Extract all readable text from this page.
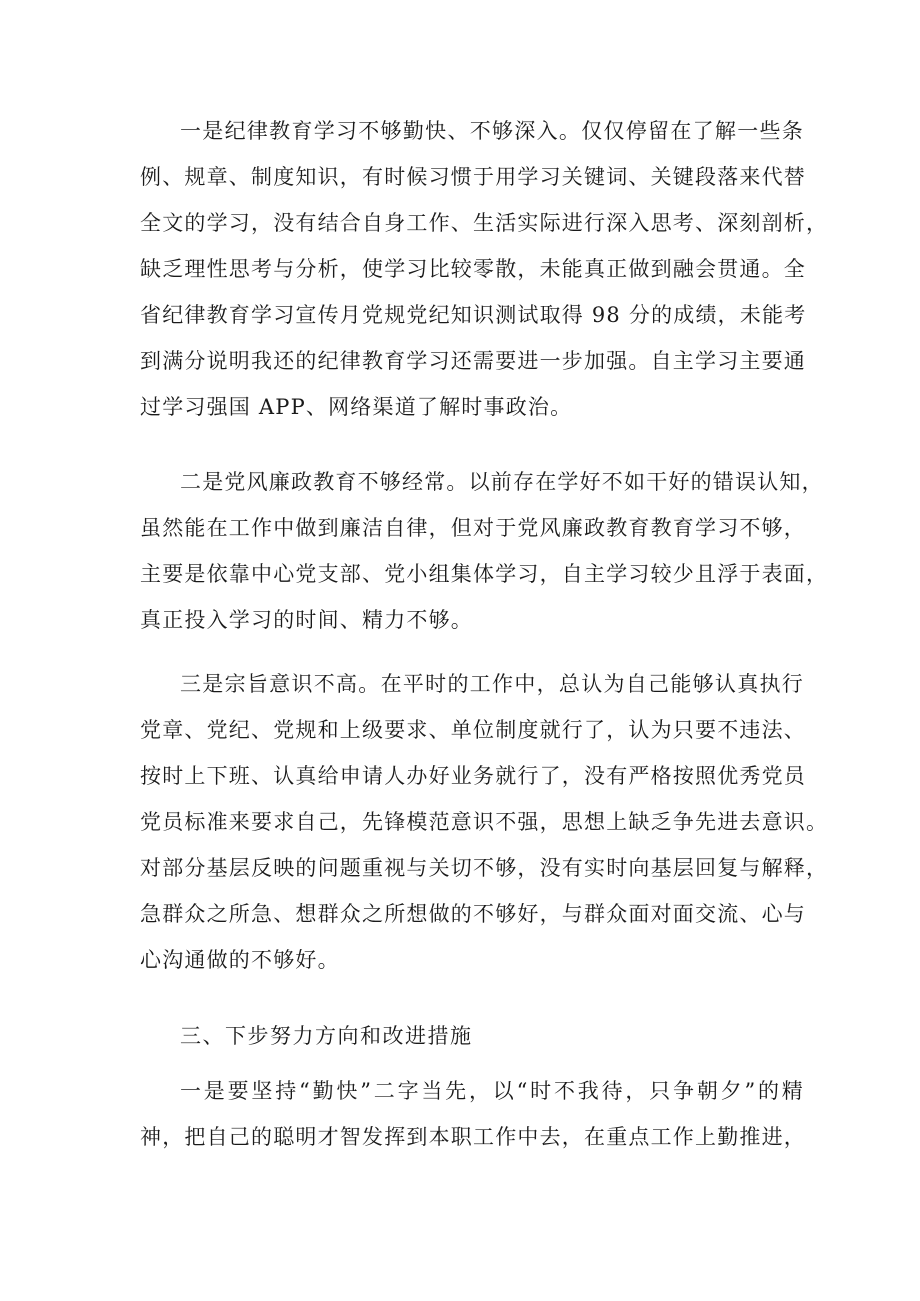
一是纪律教育学习不够勤快、不够深入。仅仅停留在了解一些条
例、规章、制度知识，有时候习惯于用学习关键词、关键段落来代替
全文的学习，没有结合自身工作、生活实际进行深入思考、深刻剖析，
缺乏理性思考与分析，使学习比较零散，未能真正做到融会贯通。全
省纪律教育学习宣传月党规党纪知识测试取得 98 分的成绩，未能考
到满分说明我还的纪律教育学习还需要进一步加强。自主学习主要通
过学习强国 APP、网络渠道了解时事政治。
二是党风廉政教育不够经常。以前存在学好不如干好的错误认知，
虽然能在工作中做到廉洁自律，但对于党风廉政教育教育学习不够，
主要是依靠中心党支部、党小组集体学习，自主学习较少且浮于表面，
真正投入学习的时间、精力不够。
三是宗旨意识不高。在平时的工作中，总认为自己能够认真执行
党章、党纪、党规和上级要求、单位制度就行了，认为只要不违法、
按时上下班、认真给申请人办好业务就行了，没有严格按照优秀党员
党员标准来要求自己，先锋模范意识不强，思想上缺乏争先进去意识。
对部分基层反映的问题重视与关切不够，没有实时向基层回复与解释，
急群众之所急、想群众之所想做的不够好，与群众面对面交流、心与
心沟通做的不够好。
三、下步努力方向和改进措施
一是要坚持“勤快”二字当先，以“时不我待，只争朝夕”的精
神，把自己的聪明才智发挥到本职工作中去，在重点工作上勤推进，
